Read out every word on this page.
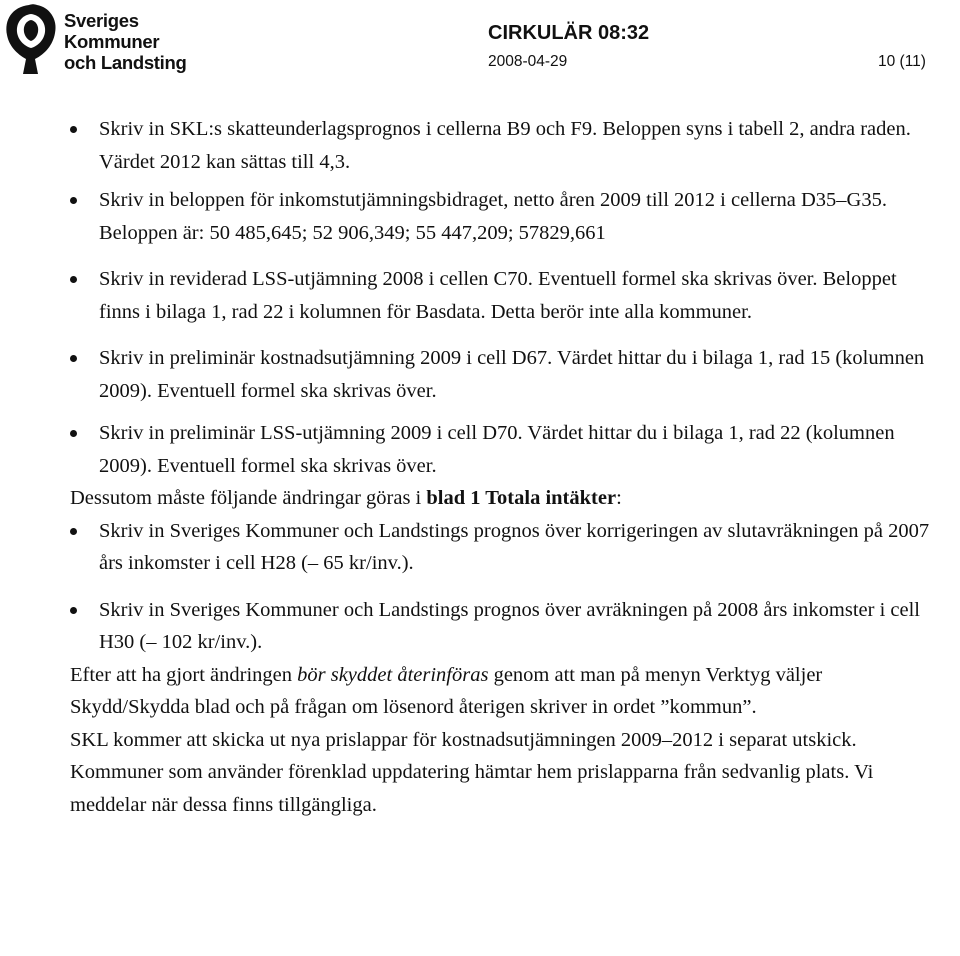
Sveriges
Kommuner
och Landsting
CIRKULÄR 08:32
2008-04-29	10 (11)
Skriv in SKL:s skatteunderlagsprognos i cellerna B9 och F9. Beloppen syns i tabell 2, andra raden. Värdet 2012 kan sättas till 4,3.
Skriv in beloppen för inkomstutjämningsbidraget, netto åren 2009 till 2012 i cellerna D35–G35. Beloppen är: 50 485,645; 52 906,349; 55 447,209; 57829,661
Skriv in reviderad LSS-utjämning 2008 i cellen C70. Eventuell formel ska skrivas över. Beloppet finns i bilaga 1, rad 22 i kolumnen för Basdata. Detta berör inte alla kommuner.
Skriv in preliminär kostnadsutjämning 2009 i cell D67. Värdet hittar du i bilaga 1, rad 15 (kolumnen 2009). Eventuell formel ska skrivas över.
Skriv in preliminär LSS-utjämning 2009 i cell D70. Värdet hittar du i bilaga 1, rad 22 (kolumnen 2009). Eventuell formel ska skrivas över.

Dessutom måste följande ändringar göras i blad 1 Totala intäkter:

Skriv in Sveriges Kommuner och Landstings prognos över korrigeringen av slutavräkningen på 2007 års inkomster i cell H28 (– 65 kr/inv.).
Skriv in Sveriges Kommuner och Landstings prognos över avräkningen på 2008 års inkomster i cell H30 (– 102 kr/inv.).

Efter att ha gjort ändringen bör skyddet återinföras genom att man på menyn Verktyg väljer Skydd/Skydda blad och på frågan om lösenord återigen skriver in ordet ”kommun”.

SKL kommer att skicka ut nya prislappar för kostnadsutjämningen 2009–2012 i separat utskick. Kommuner som använder förenklad uppdatering hämtar hem prislapparna från sedvanlig plats. Vi meddelar när dessa finns tillgängliga.
